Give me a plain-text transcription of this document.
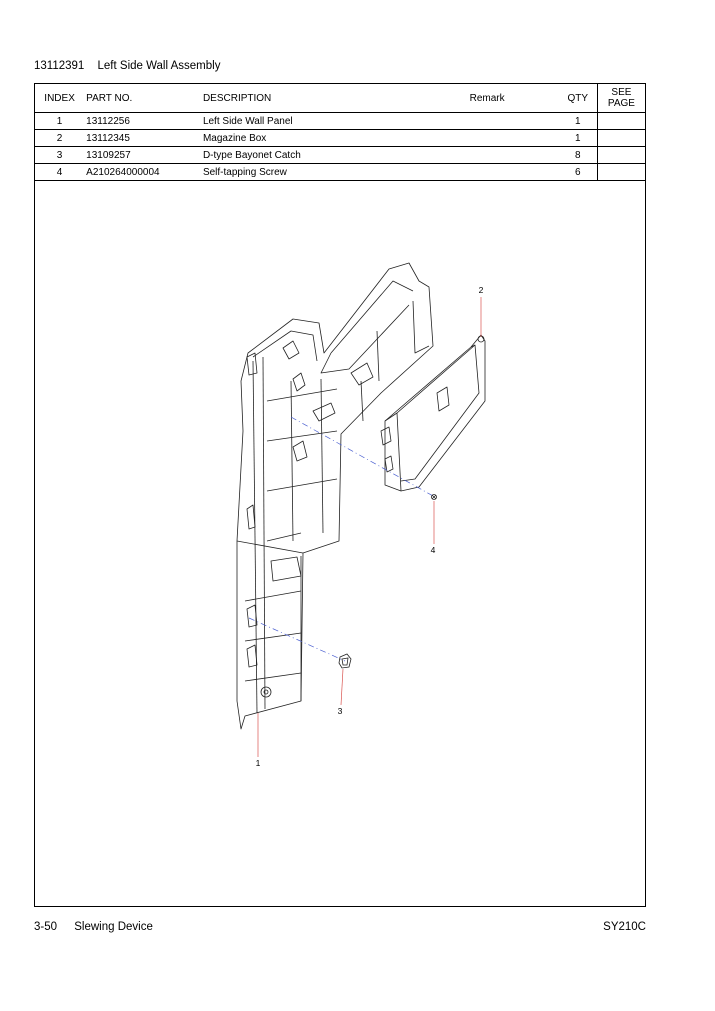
13112391 Left Side Wall Assembly
INDEX	PART NO.	DESCRIPTION	Remark	QTY	SEE
PAGE
1	13112256	Left Side Wall Panel		1	
2	13112345	Magazine Box		1	
3	13109257	D-type Bayonet Catch		8	
4	A210264000004	Self-tapping Screw		6	
2
4
3
1
3-50 Slewing Device	SY210C
